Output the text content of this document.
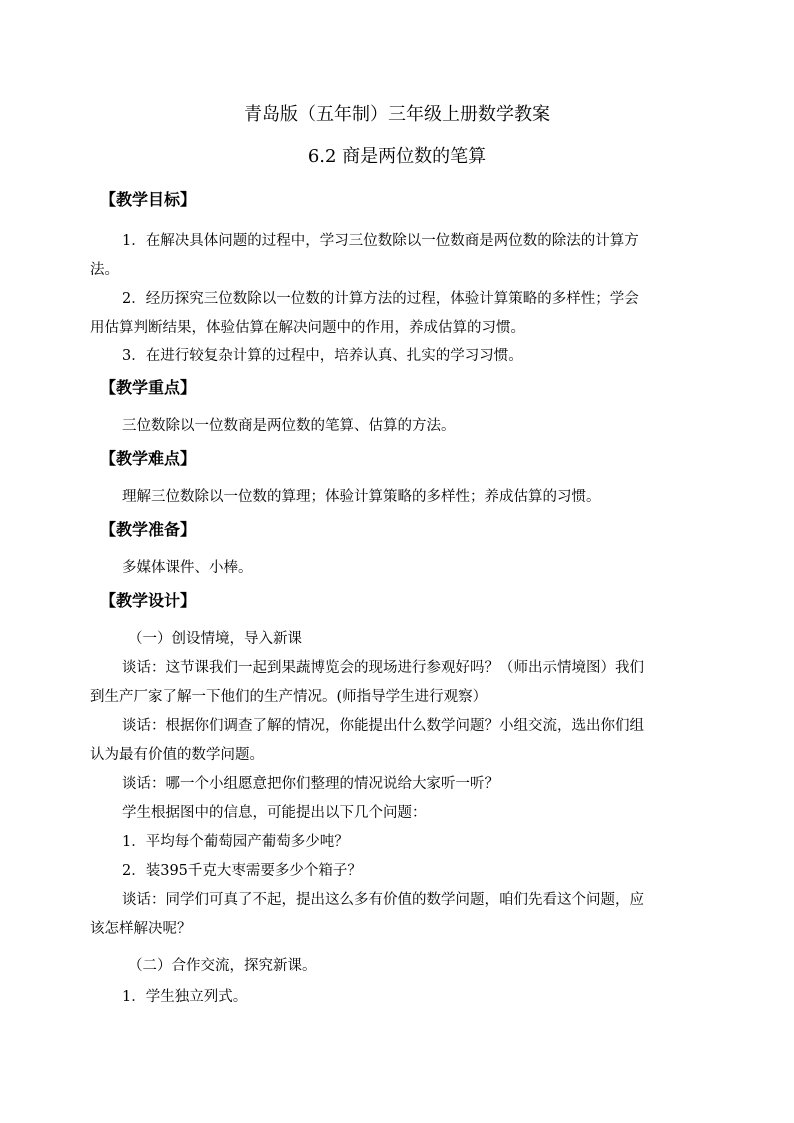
青岛版（五年制）三年级上册数学教案
6.2 商是两位数的笔算
【教学目标】
1．在解决具体问题的过程中，学习三位数除以一位数商是两位数的除法的计算方
法。
2．经历探究三位数除以一位数的计算方法的过程，体验计算策略的多样性；学会
用估算判断结果，体验估算在解决问题中的作用，养成估算的习惯。
3．在进行较复杂计算的过程中，培养认真、扎实的学习习惯。
【教学重点】
三位数除以一位数商是两位数的笔算、估算的方法。
【教学难点】
理解三位数除以一位数的算理；体验计算策略的多样性；养成估算的习惯。
【教学准备】
多媒体课件、小棒。
【教学设计】
（一）创设情境，导入新课
谈话：这节课我们一起到果蔬博览会的现场进行参观好吗？（师出示情境图）我们
到生产厂家了解一下他们的生产情况。(师指导学生进行观察）
谈话：根据你们调查了解的情况，你能提出什么数学问题？小组交流，选出你们组
认为最有价值的数学问题。
谈话：哪一个小组愿意把你们整理的情况说给大家听一听？
学生根据图中的信息，可能提出以下几个问题：
1．平均每个葡萄园产葡萄多少吨？
2．装395千克大枣需要多少个箱子？
谈话：同学们可真了不起，提出这么多有价值的数学问题，咱们先看这个问题，应
该怎样解决呢？
（二）合作交流，探究新课。
1．学生独立列式。
